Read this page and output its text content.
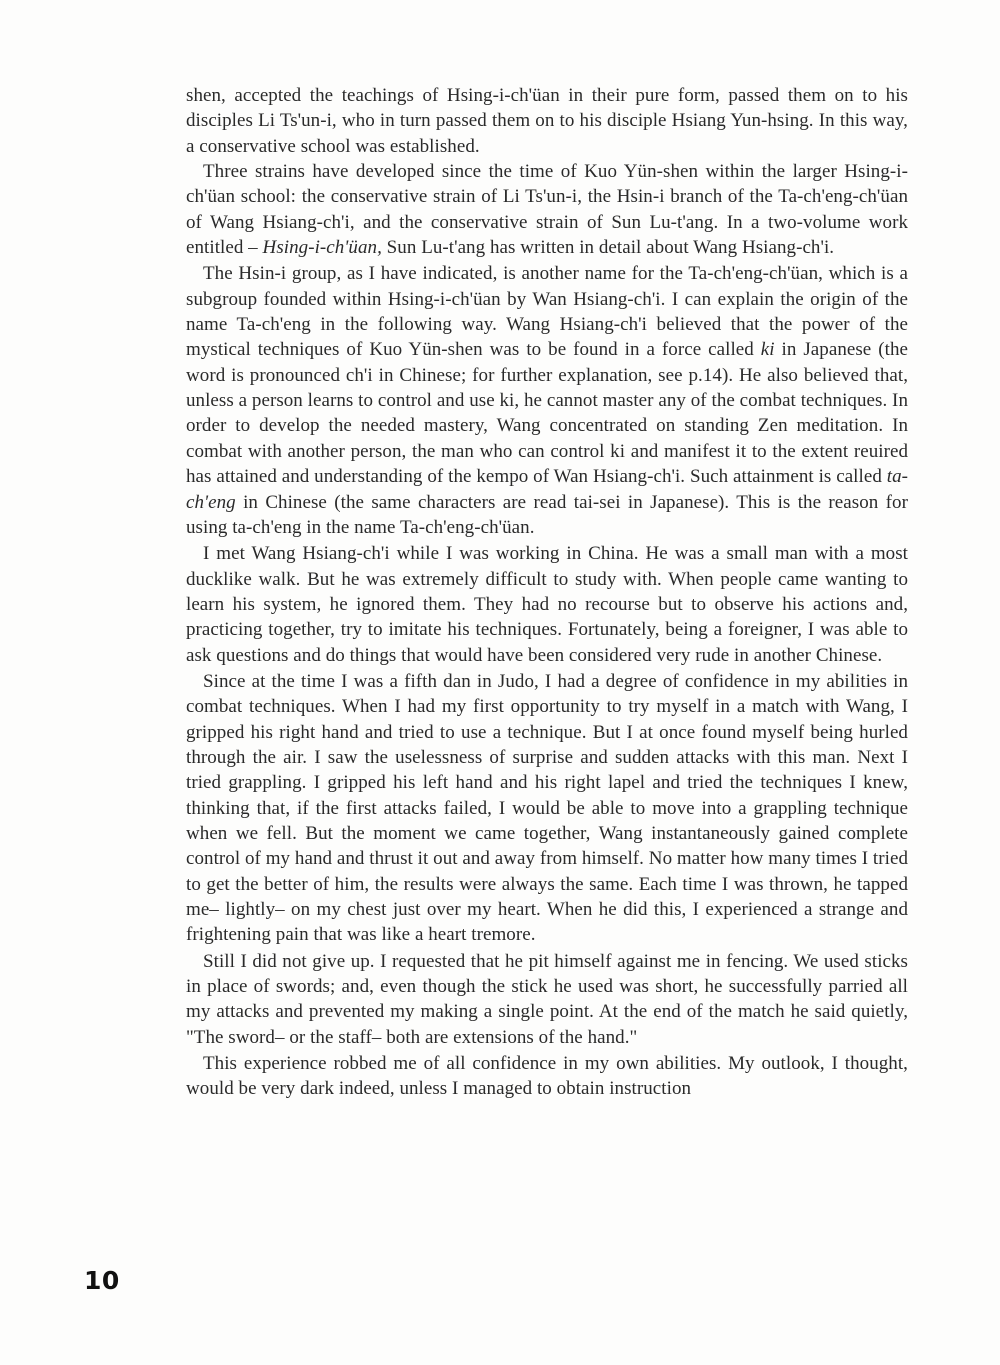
shen, accepted the teachings of Hsing-i-ch'üan in their pure form, passed them on to his disciples Li Ts'un-i, who in turn passed them on to his disciple Hsiang Yun-hsing. In this way, a conservative school was established.

Three strains have developed since the time of Kuo Yün-shen within the larger Hsing-i-ch'üan school: the conservative strain of Li Ts'un-i, the Hsin-i branch of the Ta-ch'eng-ch'üan of Wang Hsiang-ch'i, and the conservative strain of Sun Lu-t'ang. In a two-volume work entitled – Hsing-i-ch'üan, Sun Lu-t'ang has written in detail about Wang Hsiang-ch'i.

The Hsin-i group, as I have indicated, is another name for the Ta-ch'eng-ch'üan, which is a subgroup founded within Hsing-i-ch'üan by Wan Hsiang-ch'i. I can explain the origin of the name Ta-ch'eng in the following way. Wang Hsiang-ch'i believed that the power of the mystical techniques of Kuo Yün-shen was to be found in a force called ki in Japanese (the word is pronounced ch'i in Chinese; for further explanation, see p.14). He also believed that, unless a person learns to control and use ki, he cannot master any of the combat techniques. In order to develop the needed mastery, Wang concentrated on standing Zen meditation. In combat with another person, the man who can control ki and manifest it to the extent reuired has attained and understanding of the kempo of Wan Hsiang-ch'i. Such attainment is called ta-ch'eng in Chinese (the same characters are read tai-sei in Japanese). This is the reason for using ta-ch'eng in the name Ta-ch'eng-ch'üan.

I met Wang Hsiang-ch'i while I was working in China. He was a small man with a most ducklike walk. But he was extremely difficult to study with. When people came wanting to learn his system, he ignored them. They had no recourse but to observe his actions and, practicing together, try to imitate his techniques. Fortunately, being a foreigner, I was able to ask questions and do things that would have been considered very rude in another Chinese.

Since at the time I was a fifth dan in Judo, I had a degree of confidence in my abilities in combat techniques. When I had my first opportunity to try myself in a match with Wang, I gripped his right hand and tried to use a technique. But I at once found myself being hurled through the air. I saw the uselessness of surprise and sudden attacks with this man. Next I tried grappling. I gripped his left hand and his right lapel and tried the techniques I knew, thinking that, if the first attacks failed, I would be able to move into a grappling technique when we fell. But the moment we came together, Wang instantaneously gained complete control of my hand and thrust it out and away from himself. No matter how many times I tried to get the better of him, the results were always the same. Each time I was thrown, he tapped me– lightly– on my chest just over my heart. When he did this, I experienced a strange and frightening pain that was like a heart tremore.

Still I did not give up. I requested that he pit himself against me in fencing. We used sticks in place of swords; and, even though the stick he used was short, he successfully parried all my attacks and prevented my making a single point. At the end of the match he said quietly, "The sword– or the staff– both are extensions of the hand."

This experience robbed me of all confidence in my own abilities. My outlook, I thought, would be very dark indeed, unless I managed to obtain instruction

10
